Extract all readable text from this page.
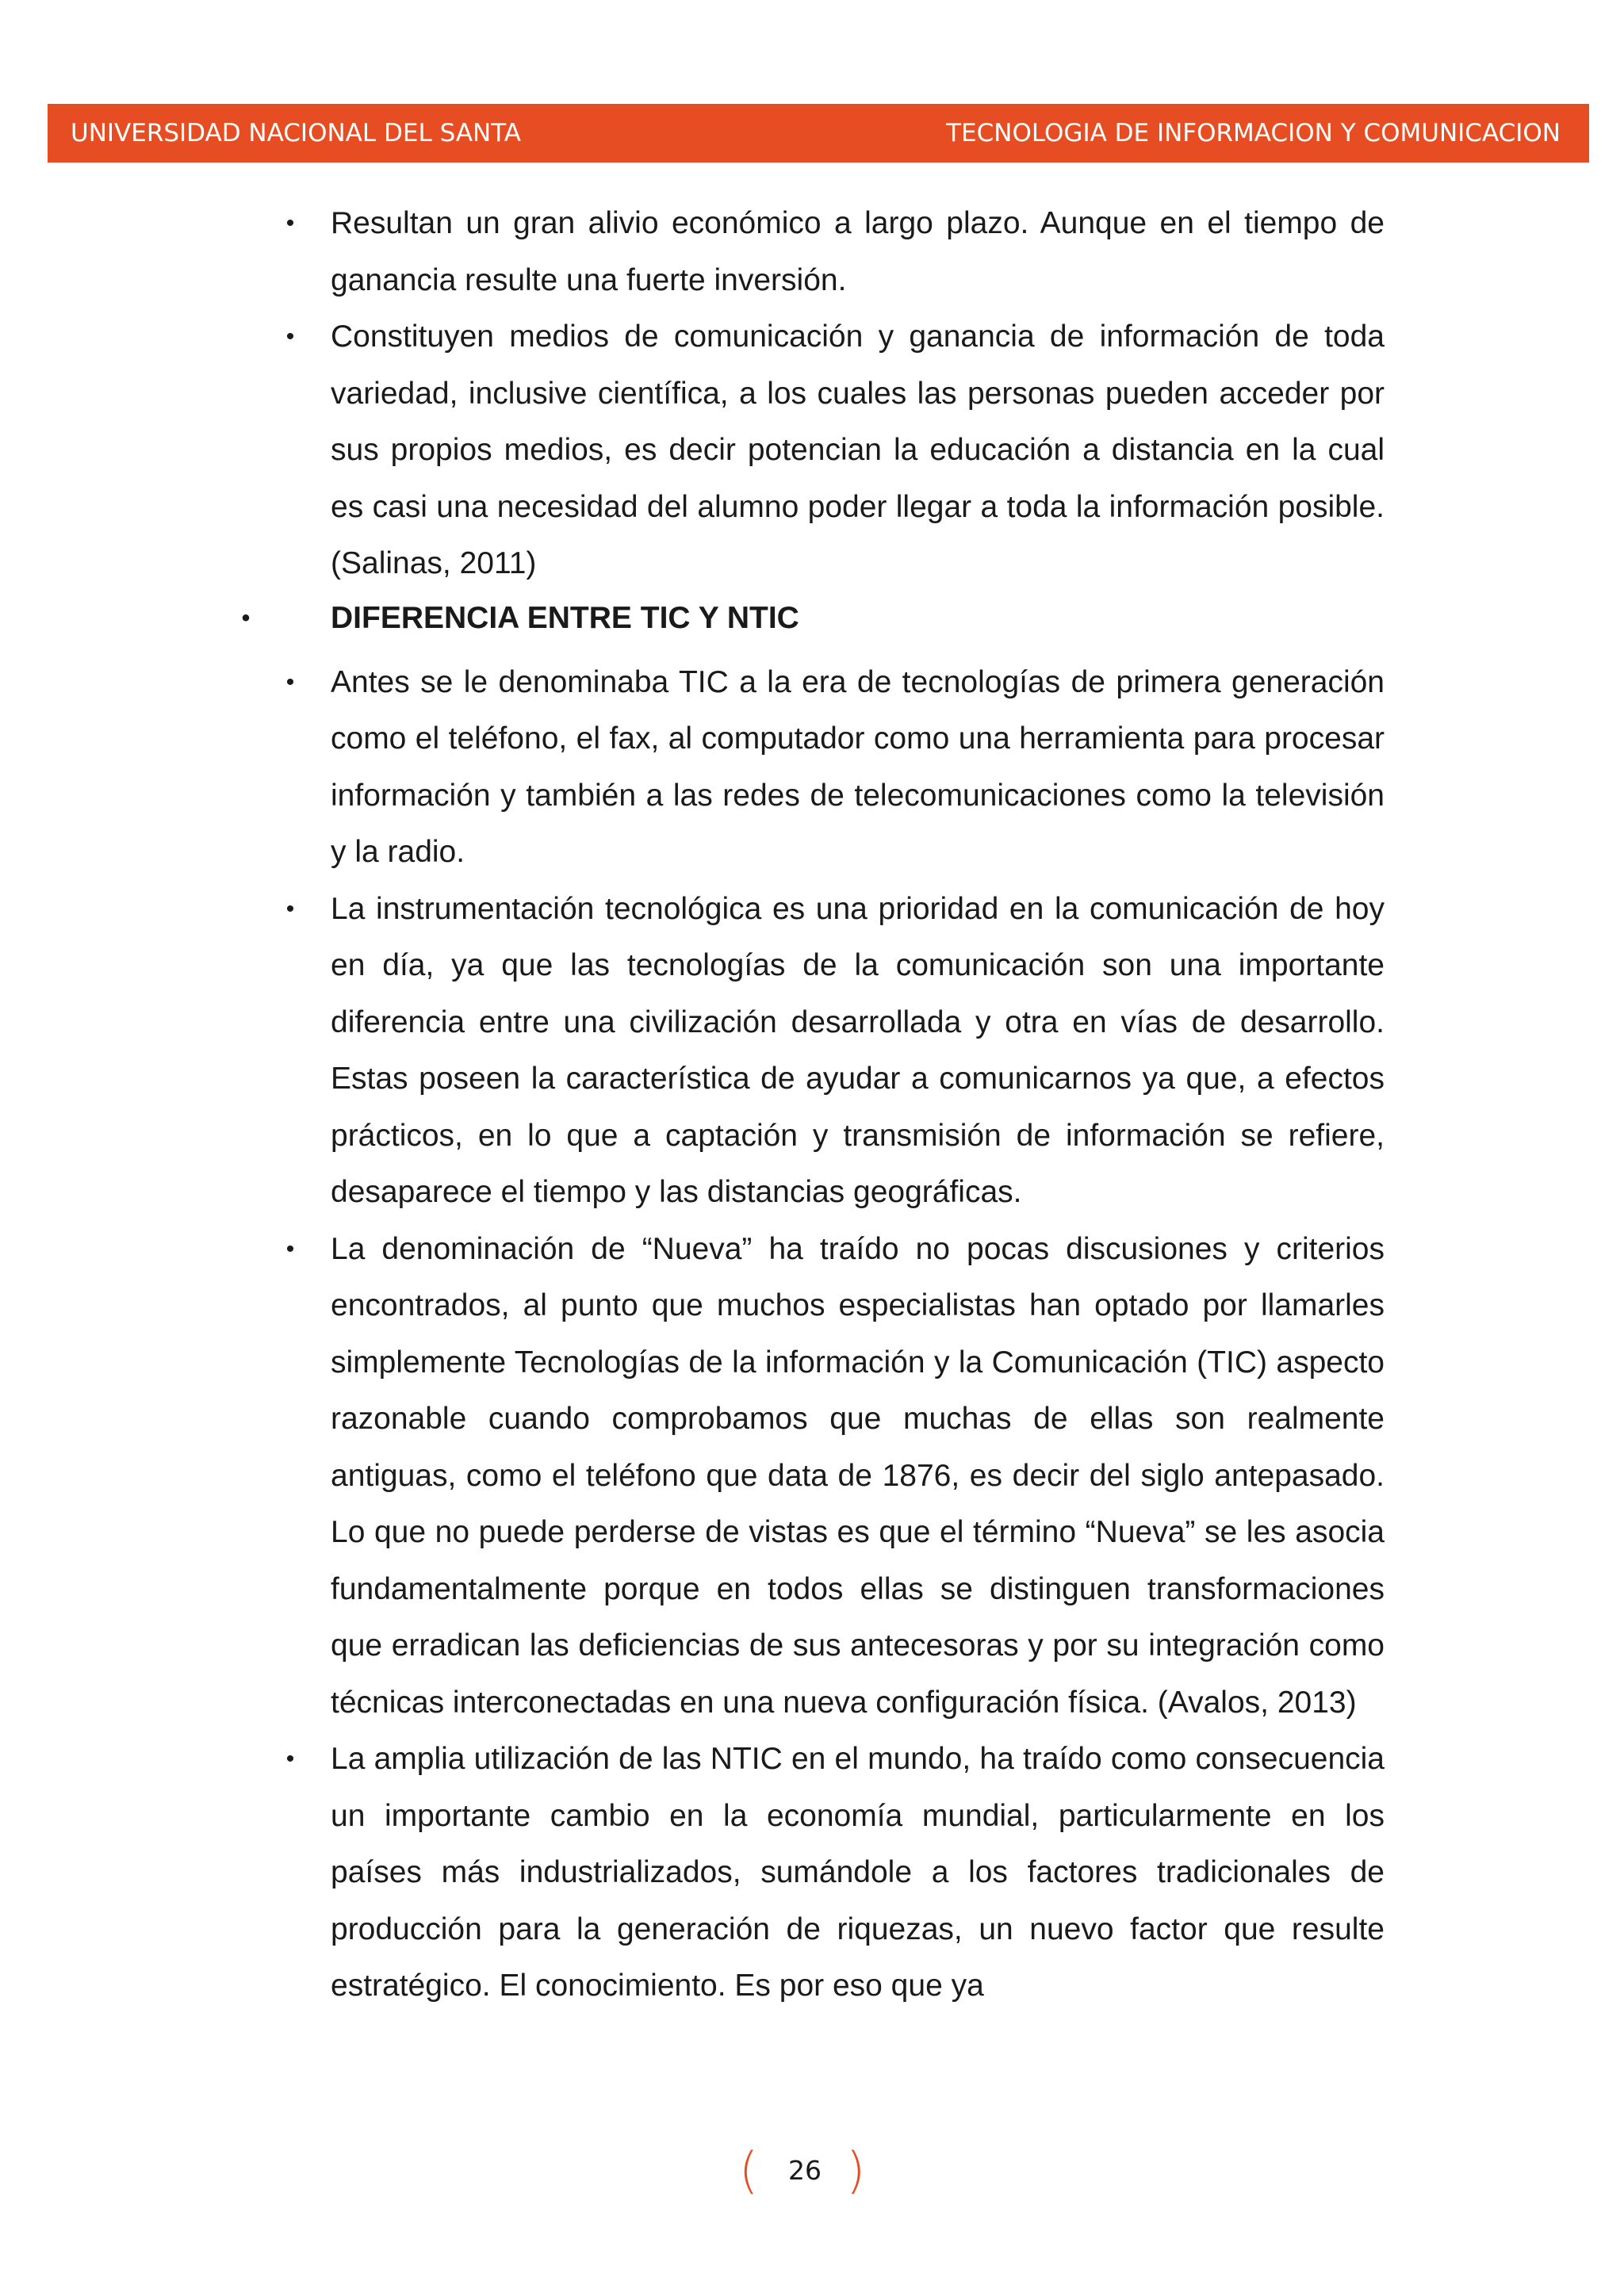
UNIVERSIDAD NACIONAL DEL SANTA	TECNOLOGIA DE INFORMACION Y COMUNICACION
• Resultan un gran alivio económico a largo plazo. Aunque en el tiempo de ganancia resulte una fuerte inversión.
• Constituyen medios de comunicación y ganancia de información de toda variedad, inclusive científica, a los cuales las personas pueden acceder por sus propios medios, es decir potencian la educación a distancia en la cual es casi una necesidad del alumno poder llegar a toda la información posible. (Salinas, 2011)
•	DIFERENCIA ENTRE TIC Y NTIC
• Antes se le denominaba TIC a la era de tecnologías de primera generación como el teléfono, el fax, al computador como una herramienta para procesar información y también a las redes de telecomunicaciones como la televisión y la radio.
• La instrumentación tecnológica es una prioridad en la comunicación de hoy en día, ya que las tecnologías de la comunicación son una importante diferencia entre una civilización desarrollada y otra en vías de desarrollo. Estas poseen la característica de ayudar a comunicarnos ya que, a efectos prácticos, en lo que a captación y transmisión de información se refiere, desaparece el tiempo y las distancias geográficas.
• La denominación de “Nueva” ha traído no pocas discusiones y criterios encontrados, al punto que muchos especialistas han optado por llamarles simplemente Tecnologías de la información y la Comunicación (TIC) aspecto razonable cuando comprobamos que muchas de ellas son realmente antiguas, como el teléfono que data de 1876, es decir del siglo antepasado. Lo que no puede perderse de vistas es que el término “Nueva” se les asocia fundamentalmente porque en todos ellas se distinguen transformaciones que erradican las deficiencias de sus antecesoras y por su integración como técnicas interconectadas en una nueva configuración física. (Avalos, 2013)
• La amplia utilización de las NTIC en el mundo, ha traído como consecuencia un importante cambio en la economía mundial, particularmente en los países más industrializados, sumándole a los factores tradicionales de producción para la generación de riquezas, un nuevo factor que resulte estratégico. El conocimiento. Es por eso que ya
(	26 )
